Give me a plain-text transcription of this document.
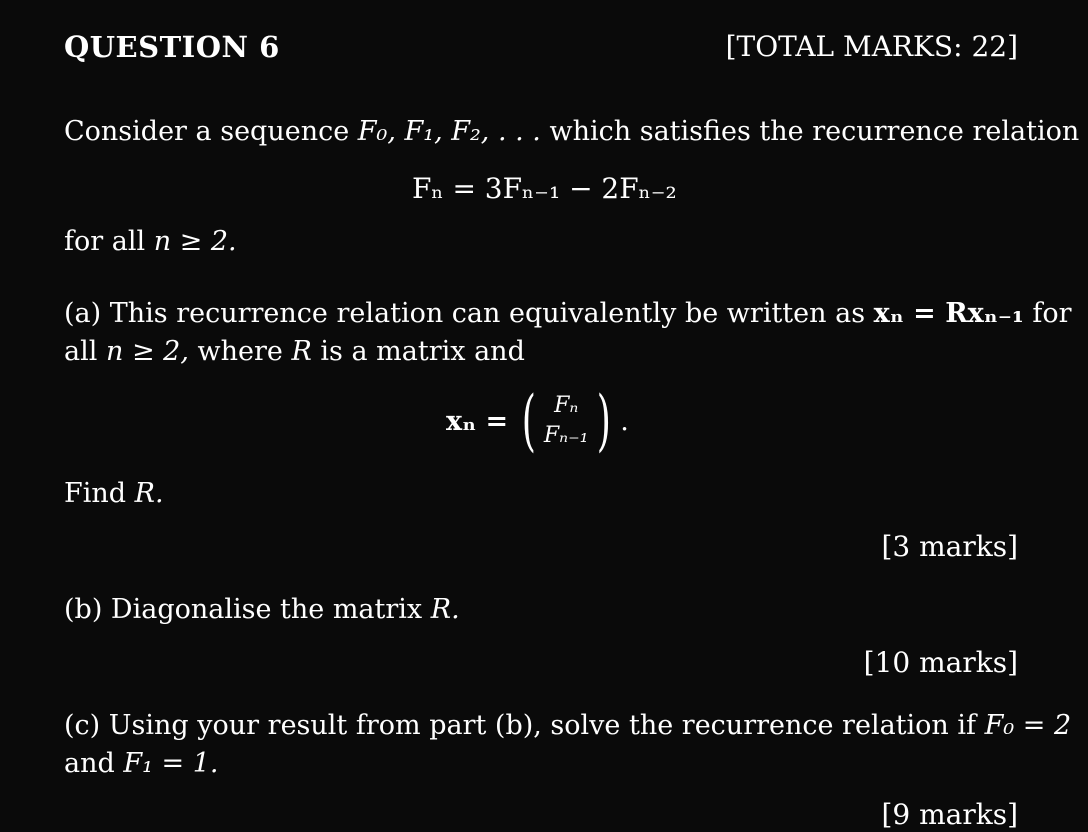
QUESTION 6	[TOTAL MARKS: 22]
Consider a sequence F₀, F₁, F₂, . . . which satisfies the recurrence relation
Fₙ = 3Fₙ₋₁ − 2Fₙ₋₂
for all n ≥ 2.
(a) This recurrence relation can equivalently be written as xₙ = Rxₙ₋₁ for
all n ≥ 2, where R is a matrix and
xₙ = ( Fₙ
Fₙ₋₁ ) .
Find R.
[3 marks]
(b) Diagonalise the matrix R.
[10 marks]
(c) Using your result from part (b), solve the recurrence relation if F₀ = 2
and F₁ = 1.
[9 marks]
